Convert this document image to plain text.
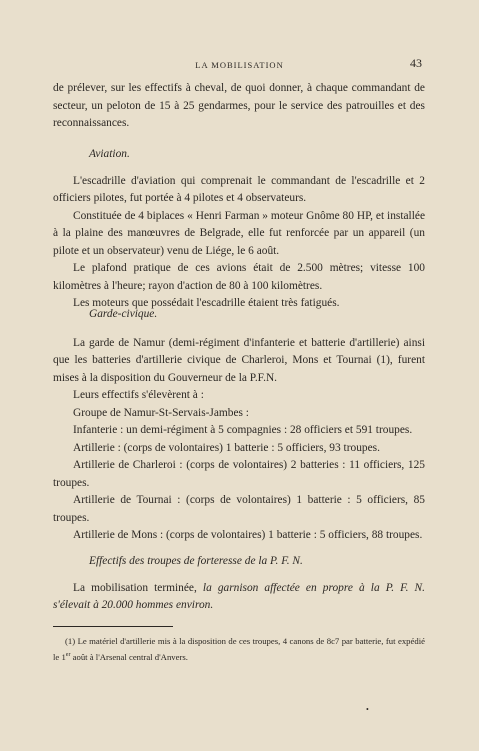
LA MOBILISATION	43

de prélever, sur les effectifs à cheval, de quoi donner, à chaque commandant de secteur, un peloton de 15 à 25 gendarmes, pour le service des patrouilles et des reconnaissances.

Aviation.

L'escadrille d'aviation qui comprenait le commandant de l'escadrille et 2 officiers pilotes, fut portée à 4 pilotes et 4 observateurs.

Constituée de 4 biplaces « Henri Farman » moteur Gnôme 80 HP, et installée à la plaine des manœuvres de Belgrade, elle fut renforcée par un appareil (un pilote et un observateur) venu de Liége, le 6 août.

Le plafond pratique de ces avions était de 2.500 mètres; vitesse 100 kilomètres à l'heure; rayon d'action de 80 à 100 kilomètres.

Les moteurs que possédait l'escadrille étaient très fatigués.

Garde-civique.

La garde de Namur (demi-régiment d'infanterie et batterie d'artillerie) ainsi que les batteries d'artillerie civique de Charleroi, Mons et Tournai (1), furent mises à la disposition du Gouverneur de la P.F.N.

Leurs effectifs s'élevèrent à :

Groupe de Namur-St-Servais-Jambes :

Infanterie : un demi-régiment à 5 compagnies : 28 officiers et 591 troupes.

Artillerie : (corps de volontaires) 1 batterie : 5 officiers, 93 troupes.

Artillerie de Charleroi : (corps de volontaires) 2 batteries : 11 officiers, 125 troupes.

Artillerie de Tournai : (corps de volontaires) 1 batterie : 5 officiers, 85 troupes.

Artillerie de Mons : (corps de volontaires) 1 batterie : 5 officiers, 88 troupes.

Effectifs des troupes de forteresse de la P. F. N.

La mobilisation terminée, la garnison affectée en propre à la P. F. N. s'élevait à 20.000 hommes environ.

(1) Le matériel d'artillerie mis à la disposition de ces troupes, 4 canons de 8c7 par batterie, fut expédié le 1er août à l'Arsenal central d'Anvers.

•
